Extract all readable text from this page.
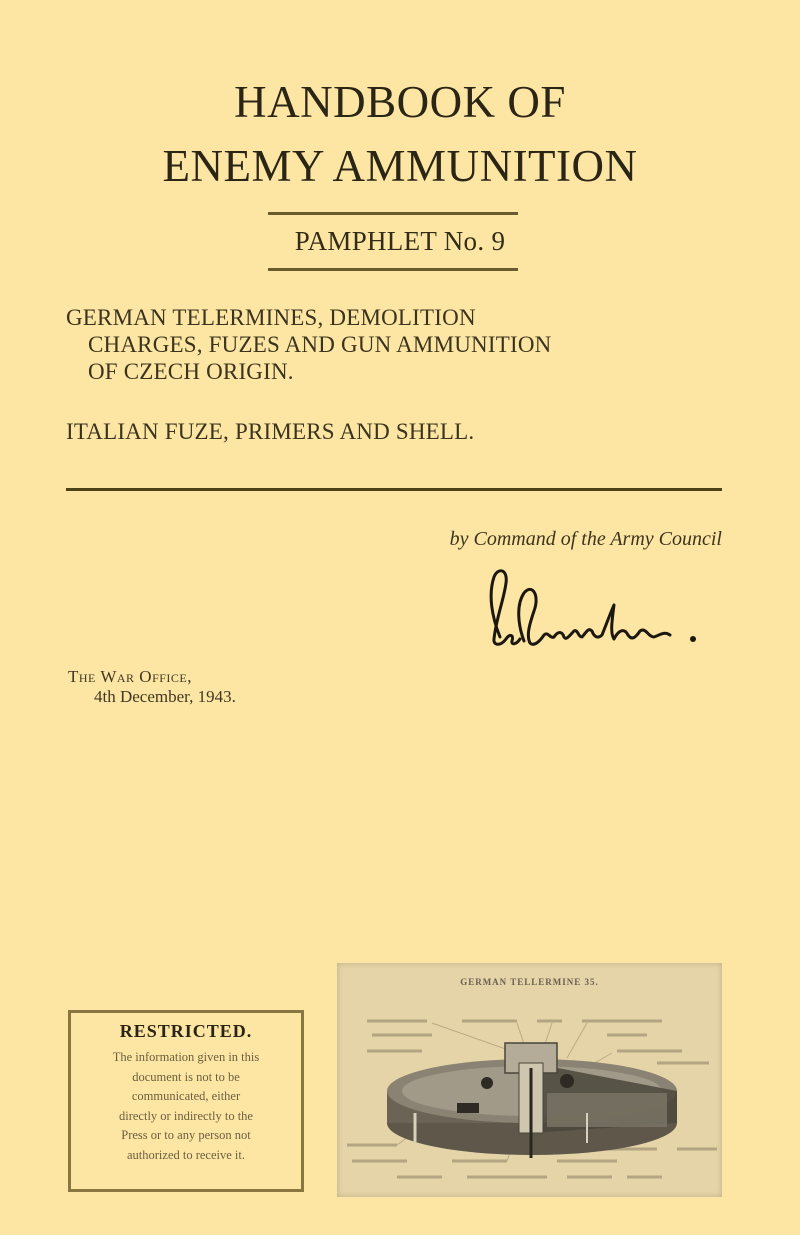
HANDBOOK OF
ENEMY AMMUNITION
PAMPHLET No. 9
GERMAN TELERMINES, DEMOLITION
CHARGES, FUZES AND GUN AMMUNITION
OF CZECH ORIGIN.
ITALIAN FUZE, PRIMERS AND SHELL.
by Command of the Army Council
The War Office,
4th December, 1943.
RESTRICTED.
The information given in this
document is not to be
communicated, either
directly or indirectly to the
Press or to any person not
authorized to receive it.
GERMAN TELLERMINE 35.
